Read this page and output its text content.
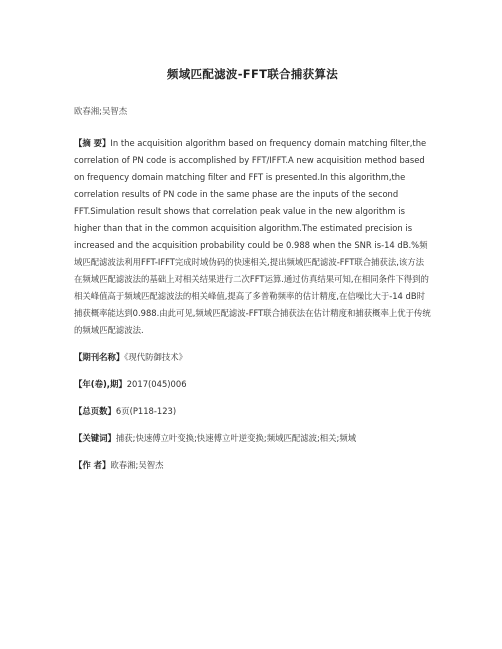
频域匹配滤波-FFT联合捕获算法
欧春湘;吴智杰
【摘 要】In the acquisition algorithm based on frequency domain matching filter,the correlation of PN code is accomplished by FFT/IFFT.A new acquisition method based on frequency domain matching filter and FFT is presented.In this algorithm,the correlation results of PN code in the same phase are the inputs of the second FFT.Simulation result shows that correlation peak value in the new algorithm is higher than that in the common acquisition algorithm.The estimated precision is increased and the acquisition probability could be 0.988 when the SNR is-14 dB.%频域匹配滤波法利用FFT-IFFT完成时域伪码的快速相关,提出频域匹配滤波-FFT联合捕获法,该方法在频域匹配滤波法的基础上对相关结果进行二次FFT运算.通过仿真结果可知,在相同条件下得到的相关峰值高于频域匹配滤波法的相关峰值,提高了多普勒频率的估计精度,在信噪比大于-14 dB时捕获概率能达到0.988.由此可见,频域匹配滤波-FFT联合捕获法在估计精度和捕获概率上优于传统的频域匹配滤波法.
【期刊名称】《现代防御技术》
【年(卷),期】2017(045)006
【总页数】6页(P118-123)
【关键词】捕获;快速傅立叶变换;快速傅立叶逆变换;频域匹配滤波;相关;频域
【作 者】欧春湘;吴智杰
